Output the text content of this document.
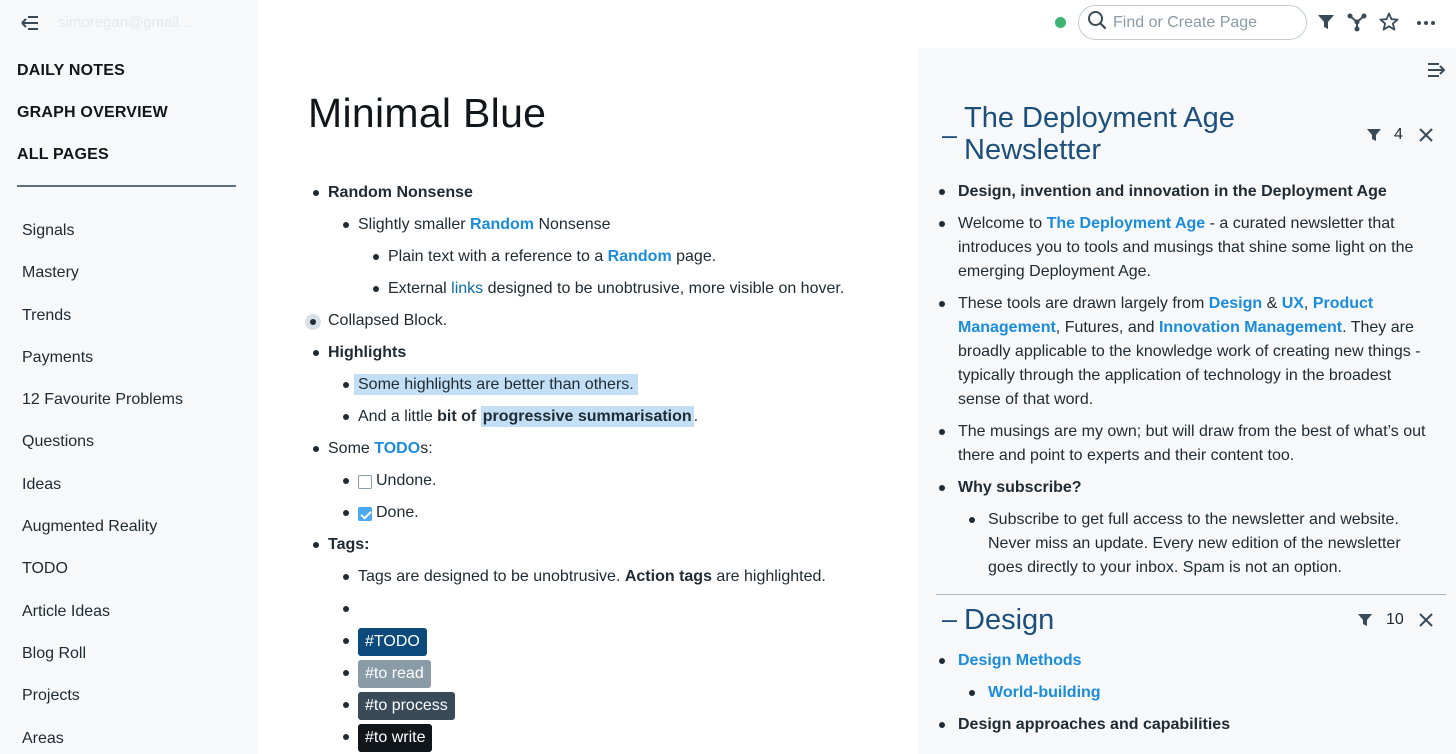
simoregan@gmail...
DAILY NOTES
GRAPH OVERVIEW
ALL PAGES
Signals
Mastery
Trends
Payments
12 Favourite Problems
Questions
Ideas
Augmented Reality
TODO
Article Ideas
Blog Roll
Projects
Areas
Find or Create Page
Minimal Blue
Random Nonsense
Slightly smaller Random Nonsense
Plain text with a reference to a Random page.
External links designed to be unobtrusive, more visible on hover.
Collapsed Block.
Highlights
Some highlights are better than others.
And a little bit of progressive summarisation .
Some TODOs:
Undone.
Done.
Tags:
Tags are designed to be unobtrusive. Action tags are highlighted.
#Random
#TODO
#to read
#to process
#to write
–
The Deployment Age
Newsletter	4
Design, invention and innovation in the Deployment Age
Welcome to The Deployment Age - a curated newsletter that
introduces you to tools and musings that shine some light on the
emerging Deployment Age.
These tools are drawn largely from Design & UX, Product
Management, Futures, and Innovation Management. They are
broadly applicable to the knowledge work of creating new things -
typically through the application of technology in the broadest
sense of that word.
The musings are my own; but will draw from the best of what’s out
there and point to experts and their content too.
Why subscribe?
Subscribe to get full access to the newsletter and website.
Never miss an update. Every new edition of the newsletter
goes directly to your inbox. Spam is not an option.
– Design	10
Design Methods
World-building
Design approaches and capabilities
